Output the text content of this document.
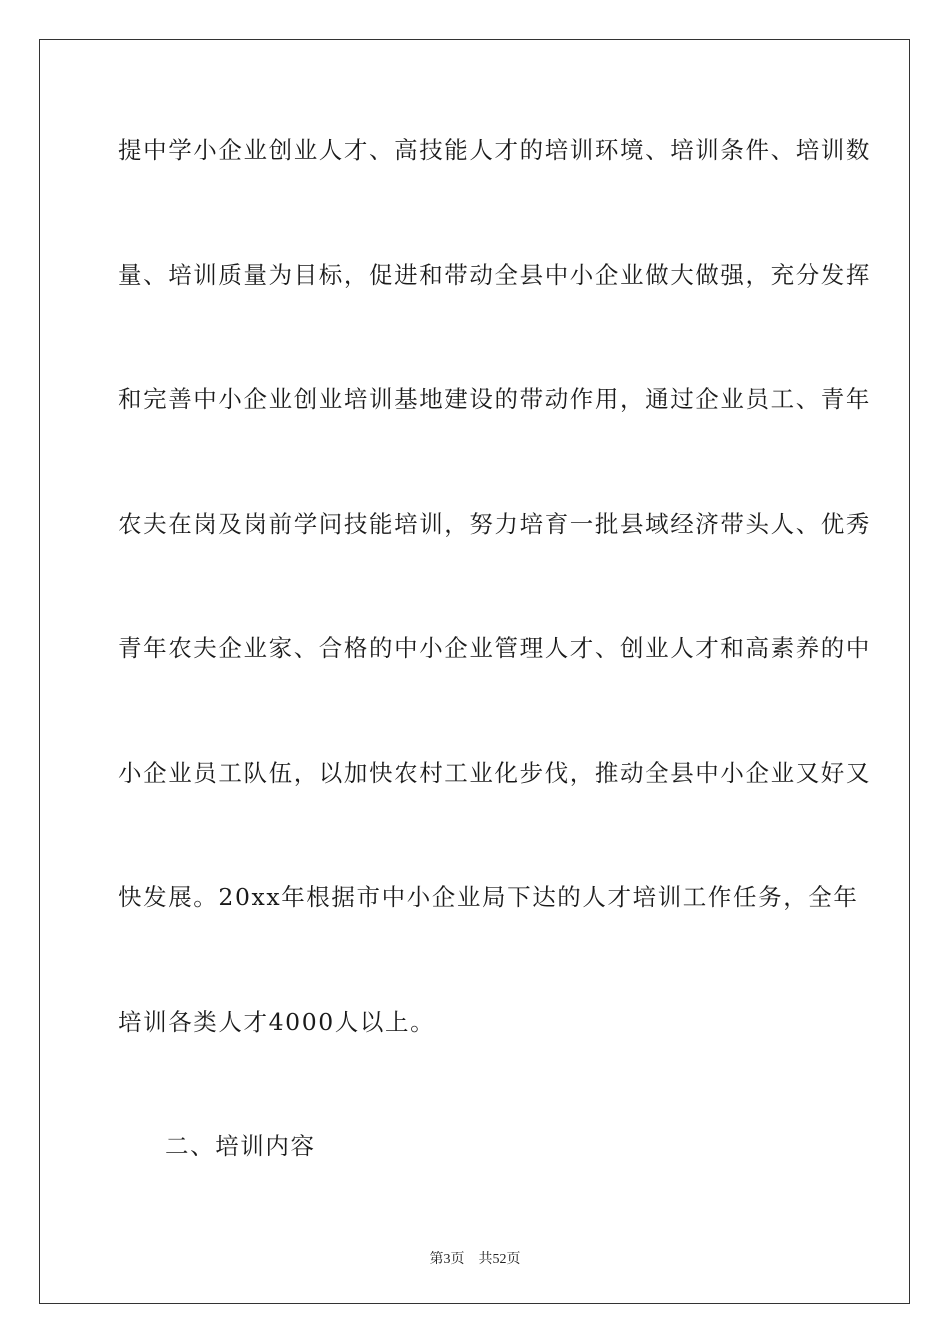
提中学小企业创业人才、高技能人才的培训环境、培训条件、培训数
量、培训质量为目标，促进和带动全县中小企业做大做强，充分发挥
和完善中小企业创业培训基地建设的带动作用，通过企业员工、青年
农夫在岗及岗前学问技能培训，努力培育一批县域经济带头人、优秀
青年农夫企业家、合格的中小企业管理人才、创业人才和高素养的中
小企业员工队伍，以加快农村工业化步伐，推动全县中小企业又好又
快发展。20xx年根据市中小企业局下达的人才培训工作任务，全年
培训各类人才4000人以上。
二、培训内容
第3页 共52页
